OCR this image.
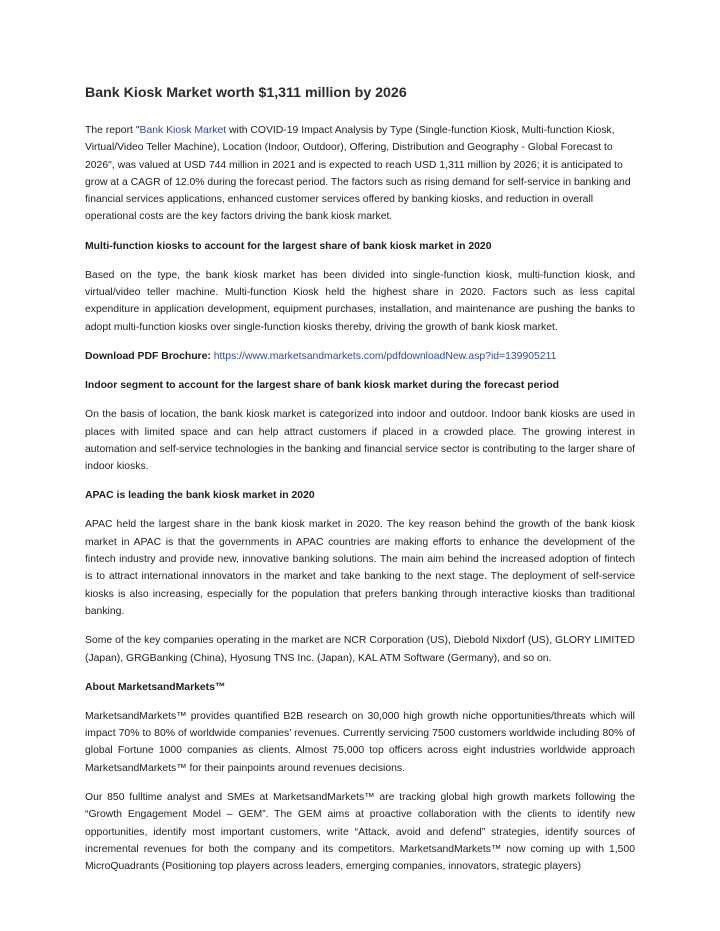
Bank Kiosk Market worth $1,311 million by 2026

The report "Bank Kiosk Market with COVID-19 Impact Analysis by Type (Single-function Kiosk, Multi-function Kiosk, Virtual/Video Teller Machine), Location (Indoor, Outdoor), Offering, Distribution and Geography - Global Forecast to 2026", was valued at USD 744 million in 2021 and is expected to reach USD 1,311 million by 2026; it is anticipated to grow at a CAGR of 12.0% during the forecast period. The factors such as rising demand for self-service in banking and financial services applications, enhanced customer services offered by banking kiosks, and reduction in overall operational costs are the key factors driving the bank kiosk market.

Multi-function kiosks to account for the largest share of bank kiosk market in 2020

Based on the type, the bank kiosk market has been divided into single-function kiosk, multi-function kiosk, and virtual/video teller machine. Multi-function Kiosk held the highest share in 2020. Factors such as less capital expenditure in application development, equipment purchases, installation, and maintenance are pushing the banks to adopt multi-function kiosks over single-function kiosks thereby, driving the growth of bank kiosk market.

Download PDF Brochure: https://www.marketsandmarkets.com/pdfdownloadNew.asp?id=139905211

Indoor segment to account for the largest share of bank kiosk market during the forecast period

On the basis of location, the bank kiosk market is categorized into indoor and outdoor. Indoor bank kiosks are used in places with limited space and can help attract customers if placed in a crowded place. The growing interest in automation and self-service technologies in the banking and financial service sector is contributing to the larger share of indoor kiosks.

APAC is leading the bank kiosk market in 2020

APAC held the largest share in the bank kiosk market in 2020. The key reason behind the growth of the bank kiosk market in APAC is that the governments in APAC countries are making efforts to enhance the development of the fintech industry and provide new, innovative banking solutions. The main aim behind the increased adoption of fintech is to attract international innovators in the market and take banking to the next stage. The deployment of self-service kiosks is also increasing, especially for the population that prefers banking through interactive kiosks than traditional banking.

Some of the key companies operating in the market are NCR Corporation (US), Diebold Nixdorf (US), GLORY LIMITED (Japan), GRGBanking (China), Hyosung TNS Inc. (Japan), KAL ATM Software (Germany), and so on.

About MarketsandMarkets™

MarketsandMarkets™ provides quantified B2B research on 30,000 high growth niche opportunities/threats which will impact 70% to 80% of worldwide companies’ revenues. Currently servicing 7500 customers worldwide including 80% of global Fortune 1000 companies as clients. Almost 75,000 top officers across eight industries worldwide approach MarketsandMarkets™ for their painpoints around revenues decisions.

Our 850 fulltime analyst and SMEs at MarketsandMarkets™ are tracking global high growth markets following the “Growth Engagement Model – GEM”. The GEM aims at proactive collaboration with the clients to identify new opportunities, identify most important customers, write “Attack, avoid and defend” strategies, identify sources of incremental revenues for both the company and its competitors. MarketsandMarkets™ now coming up with 1,500 MicroQuadrants (Positioning top players across leaders, emerging companies, innovators, strategic players)
